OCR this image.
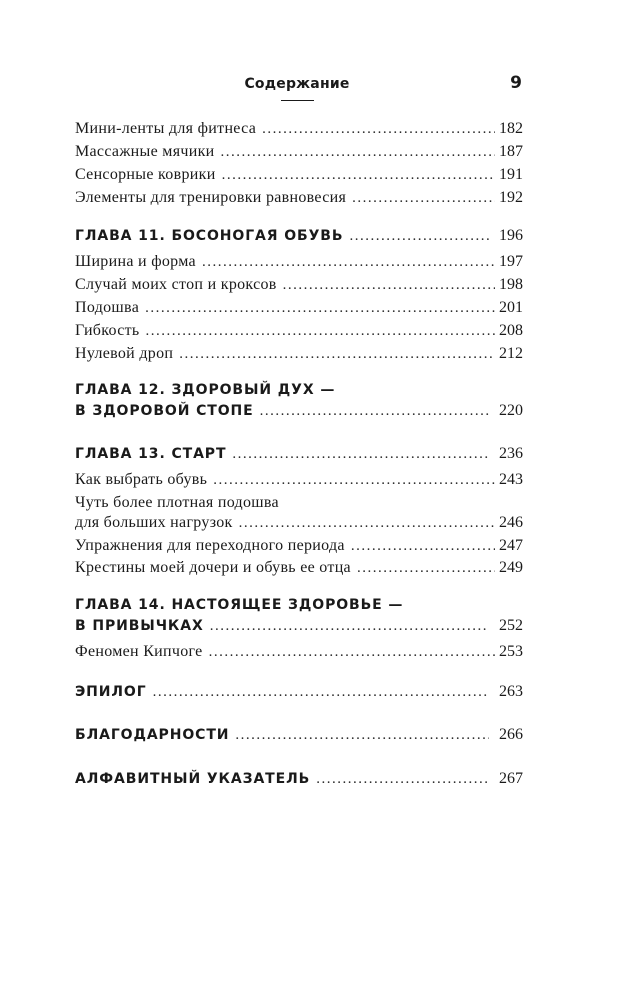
Содержание	9
Мини-ленты для фитнеса .....	182
Массажные мячики .....	187
Сенсорные коврики .....	191
Элементы для тренировки равновесия .....	192
ГЛАВА 11. БОСОНОГАЯ ОБУВЬ .....	196
Ширина и форма .....	197
Случай моих стоп и кроксов .....	198
Подошва .....	201
Гибкость .....	208
Нулевой дроп .....	212
ГЛАВА 12. ЗДОРОВЫЙ ДУХ —
В ЗДОРОВОЙ СТОПЕ .....	220
ГЛАВА 13. СТАРТ .....	236
Как выбрать обувь .....	243
Чуть более плотная подошва
для больших нагрузок .....	246
Упражнения для переходного периода .....	247
Крестины моей дочери и обувь ее отца .....	249
ГЛАВА 14. НАСТОЯЩЕЕ ЗДОРОВЬЕ —
В ПРИВЫЧКАХ .....	252
Феномен Кипчоге .....	253
ЭПИЛОГ .....	263
БЛАГОДАРНОСТИ .....	266
АЛФАВИТНЫЙ УКАЗАТЕЛЬ .....	267
